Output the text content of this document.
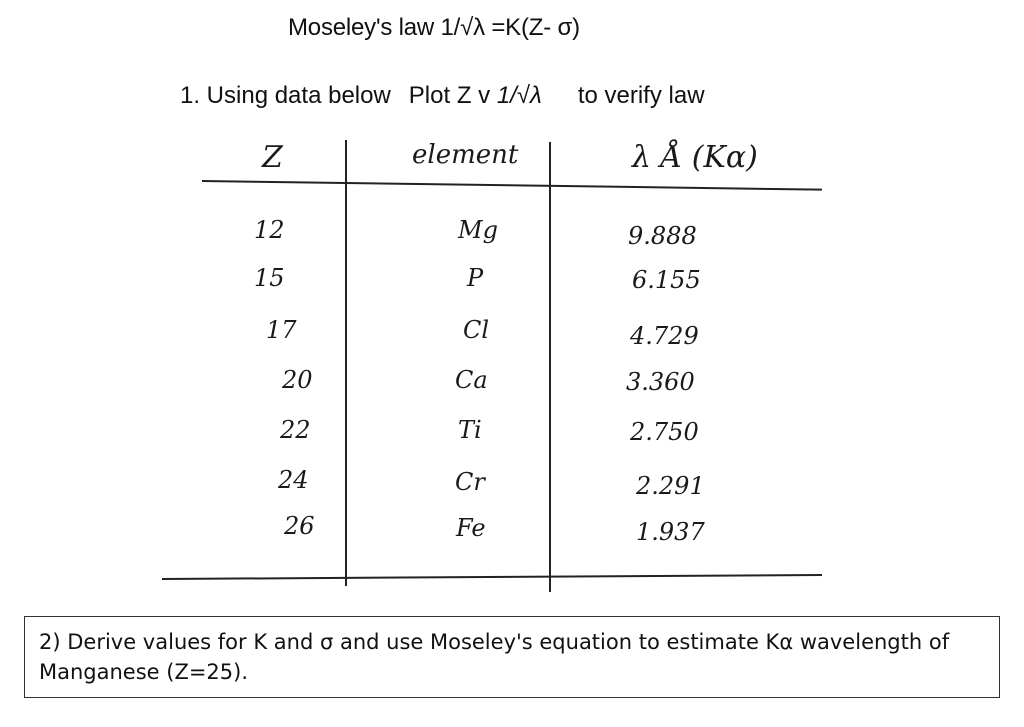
Moseley's law 1/√λ =K(Z- σ)
1. Using data below Plot Z v 1/√λ to verify law
Z	element	λ Å (Kα)
12	Mg	9.888
15	P	6.155
17	Cl	4.729
20	Ca	3.360
22	Ti	2.750
24	Cr	2.291
26	Fe	1.937
2) Derive values for K and σ and use Moseley's equation to estimate Kα wavelength of Manganese (Z=25).
